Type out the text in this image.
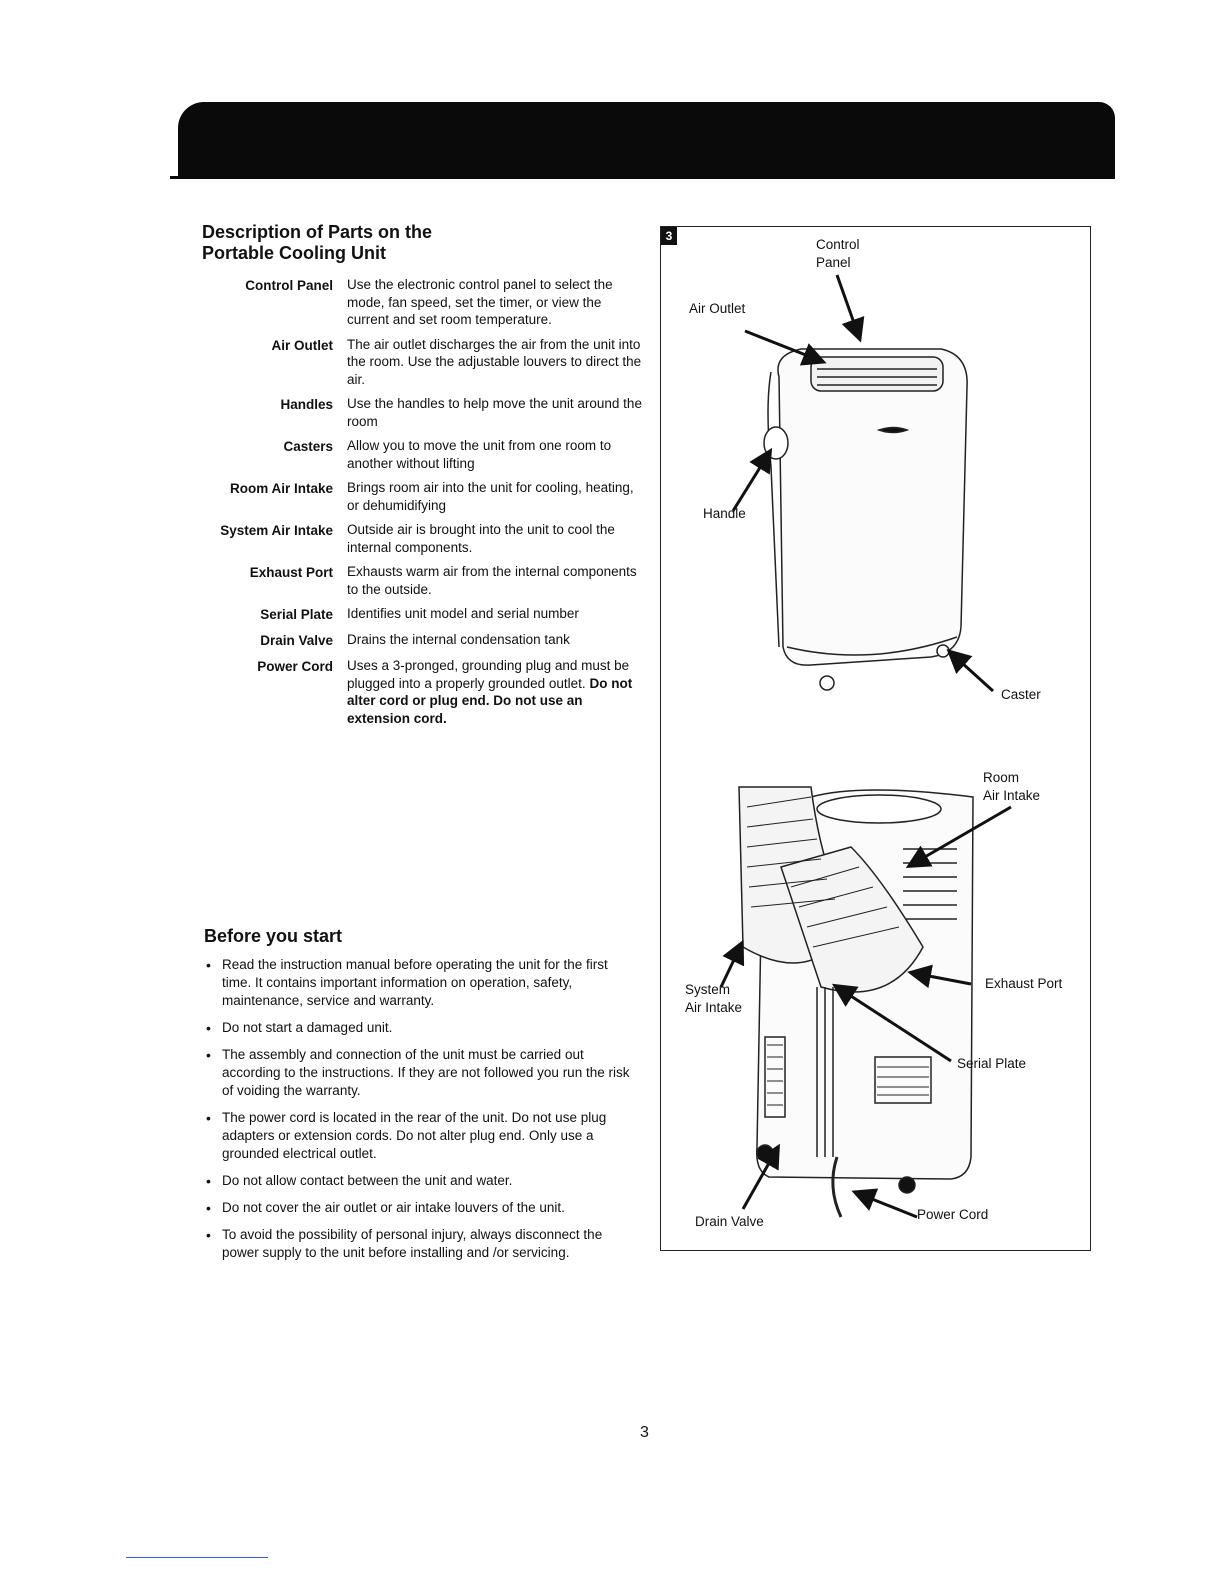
Description of Parts on the
Portable Cooling Unit
Control Panel Use the electronic control panel to select the mode, fan speed, set the timer, or view the current and set room temperature.
Air Outlet The air outlet discharges the air from the unit into the room. Use the adjustable louvers to direct the air.
Handles Use the handles to help move the unit around the room
Casters Allow you to move the unit from one room to another without lifting
Room Air Intake Brings room air into the unit for cooling, heating, or dehumidifying
System Air Intake Outside air is brought into the unit to cool the internal components.
Exhaust Port Exhausts warm air from the internal components to the outside.
Serial Plate Identifies unit model and serial number
Drain Valve Drains the internal condensation tank
Power Cord Uses a 3-pronged, grounding plug and must be plugged into a properly grounded outlet. Do not alter cord or plug end. Do not use an extension cord.
Before you start
• Read the instruction manual before operating the unit for the first time. It contains important information on operation, safety, maintenance, service and warranty.
• Do not start a damaged unit.
• The assembly and connection of the unit must be carried out according to the instructions. If they are not followed you run the risk of voiding the warranty.
• The power cord is located in the rear of the unit. Do not use plug adapters or extension cords. Do not alter plug end. Only use a grounded electrical outlet.
• Do not allow contact between the unit and water.
• Do not cover the air outlet or air intake louvers of the unit.
• To avoid the possibility of personal injury, always disconnect the power supply to the unit before installing and /or servicing.
3
Control
Panel
Air Outlet
Handle
Caster
Room
Air Intake
System
Air Intake
Exhaust Port
Serial Plate
Drain Valve	Power Cord
3
